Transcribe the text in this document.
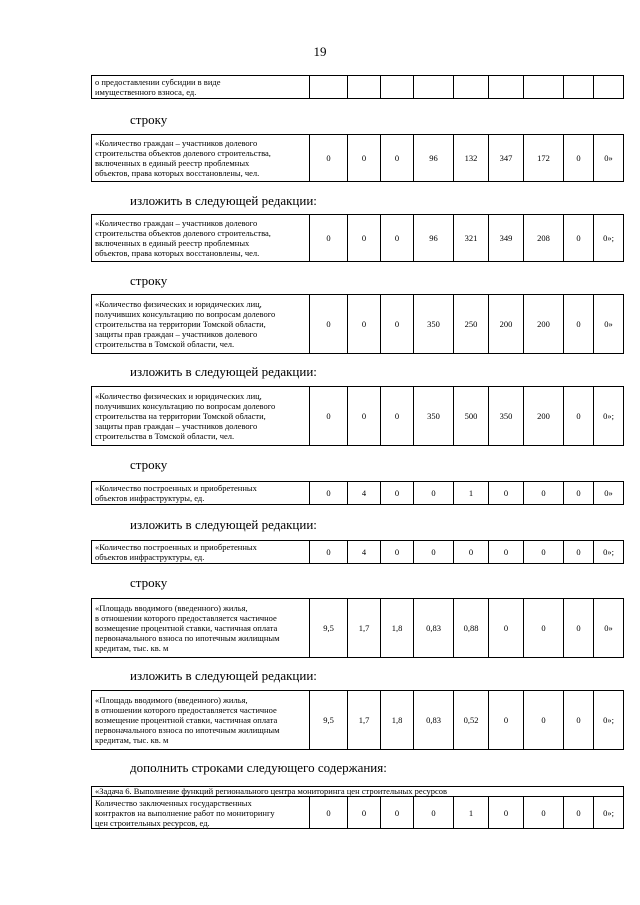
19
о предоставлении субсидии в виде
имущественного взноса, ед.

строку
«Количество граждан – участников долевого
строительства объектов долевого строительства,
включенных в единый реестр проблемных
объектов, права которых восстановлены, чел.
	0	0	0	96	132	347	172	0	0»
изложить в следующей редакции:
«Количество граждан – участников долевого
строительства объектов долевого строительства,
включенных в единый реестр проблемных
объектов, права которых восстановлены, чел.
	0	0	0	96	321	349	208	0	0»;
строку
«Количество физических и юридических лиц,
получивших консультацию по вопросам долевого
строительства на территории Томской области,
защиты прав граждан – участников долевого
строительства в Томской области, чел.
	0	0	0	350	250	200	200	0	0»
изложить в следующей редакции:
«Количество физических и юридических лиц,
получивших консультацию по вопросам долевого
строительства на территории Томской области,
защиты прав граждан – участников долевого
строительства в Томской области, чел.
	0	0	0	350	500	350	200	0	0»;
строку
«Количество построенных и приобретенных
объектов инфраструктуры, ед.	0	4	0	0	1	0	0	0	0»
изложить в следующей редакции:
«Количество построенных и приобретенных
объектов инфраструктуры, ед.	0	4	0	0	0	0	0	0	0»;
строку
«Площадь вводимого (введенного) жилья,
в отношении которого предоставляется частичное
возмещение процентной ставки, частичная оплата
первоначального взноса по ипотечным жилищным
кредитам, тыс. кв. м
	9,5	1,7	1,8	0,83	0,88	0	0	0	0»
изложить в следующей редакции:
«Площадь вводимого (введенного) жилья,
в отношении которого предоставляется частичное
возмещение процентной ставки, частичная оплата
первоначального взноса по ипотечным жилищным
кредитам, тыс. кв. м
	9,5	1,7	1,8	0,83	0,52	0	0	0	0»;
дополнить строками следующего содержания:
«Задача 6. Выполнение функций регионального центра мониторинга цен строительных ресурсов

Количество заключенных государственных
контрактов на выполнение работ по мониторингу
цен строительных ресурсов, ед.
	0	0	0	0	1	0	0	0	0»;
